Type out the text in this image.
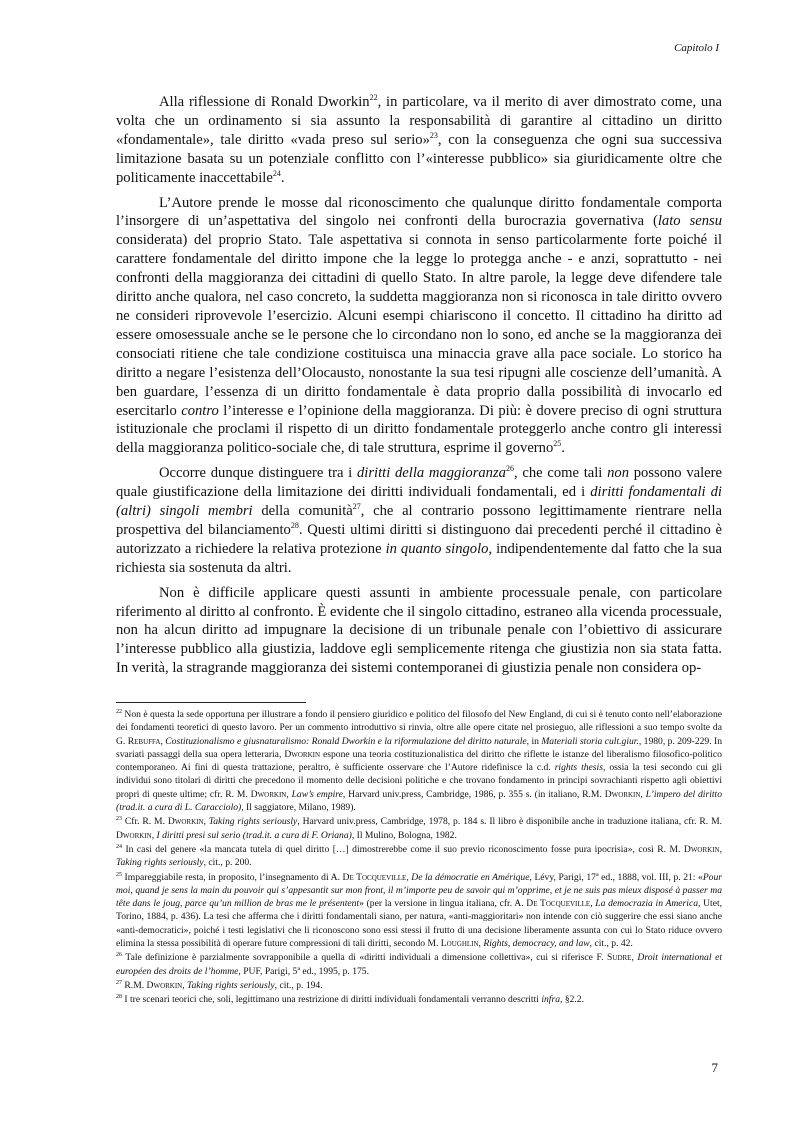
Capitolo I

Alla riflessione di Ronald Dworkin$^{22}$, in particolare, va il merito di aver dimostrato come, una volta che un ordinamento si sia assunto la responsabilità di garantire al cittadino un diritto «fondamentale», tale diritto «vada preso sul serio»$^{23}$, con la conseguenza che ogni sua successiva limitazione basata su un potenziale conflitto con l’«interesse pubblico» sia giuridicamente oltre che politicamente inaccettabile$^{24}$.

L’Autore prende le mosse dal riconoscimento che qualunque diritto fondamentale comporta l’insorgere di un’aspettativa del singolo nei confronti della burocrazia governativa (lato sensu considerata) del proprio Stato. Tale aspettativa si connota in senso particolarmente forte poiché il carattere fondamentale del diritto impone che la legge lo protegga anche - e anzi, soprattutto - nei confronti della maggioranza dei cittadini di quello Stato. In altre parole, la legge deve difendere tale diritto anche qualora, nel caso concreto, la suddetta maggioranza non si riconosca in tale diritto ovvero ne consideri riprovevole l’esercizio. Alcuni esempi chiariscono il concetto. Il cittadino ha diritto ad essere omosessuale anche se le persone che lo circondano non lo sono, ed anche se la maggioranza dei consociati ritiene che tale condizione costituisca una minaccia grave alla pace sociale. Lo storico ha diritto a negare l’esistenza dell’Olocausto, nonostante la sua tesi ripugni alle coscienze dell’umanità. A ben guardare, l’essenza di un diritto fondamentale è data proprio dalla possibilità di invocarlo ed esercitarlo contro l’interesse e l’opinione della maggioranza. Di più: è dovere preciso di ogni struttura istituzionale che proclami il rispetto di un diritto fondamentale proteggerlo anche contro gli interessi della maggioranza politico-sociale che, di tale struttura, esprime il governo$^{25}$.

Occorre dunque distinguere tra i diritti della maggioranza$^{26}$, che come tali non possono valere quale giustificazione della limitazione dei diritti individuali fondamentali, ed i diritti fondamentali di (altri) singoli membri della comunità$^{27}$, che al contrario possono legittimamente rientrare nella prospettiva del bilanciamento$^{28}$. Questi ultimi diritti si distinguono dai precedenti perché il cittadino è autorizzato a richiedere la relativa protezione in quanto singolo, indipendentemente dal fatto che la sua richiesta sia sostenuta da altri.

Non è difficile applicare questi assunti in ambiente processuale penale, con particolare riferimento al diritto al confronto. È evidente che il singolo cittadino, estraneo alla vicenda processuale, non ha alcun diritto ad impugnare la decisione di un tribunale penale con l’obiettivo di assicurare l’interesse pubblico alla giustizia, laddove egli semplicemente ritenga che giustizia non sia stata fatta. In verità, la stragrande maggioranza dei sistemi contemporanei di giustizia penale non considera op-

$^{22}$ Non è questa la sede opportuna per illustrare a fondo il pensiero giuridico e politico del filosofo del New England, di cui si è tenuto conto nell’elaborazione dei fondamenti teoretici di questo lavoro. Per un commento introduttivo si rinvia, oltre alle opere citate nel prosieguo, alle riflessioni a suo tempo svolte da G. Rebuffa, Costituzionalismo e giusnaturalismo: Ronald Dworkin e la riformulazione del diritto naturale, in Materiali storia cult.giur., 1980, p. 209-229. In svariati passaggi della sua opera letteraria, Dworkin espone una teoria costituzionalistica del diritto che riflette le istanze del liberalismo filosofico-politico contemporaneo. Ai fini di questa trattazione, peraltro, è sufficiente osservare che l’Autore ridefinisce la c.d. rights thesis, ossia la tesi secondo cui gli individui sono titolari di diritti che precedono il momento delle decisioni politiche e che trovano fondamento in principi sovrachianti rispetto agli obiettivi propri di queste ultime; cfr. R. M. Dworkin, Law’s empire, Harvard univ.press, Cambridge, 1986, p. 355 s. (in italiano, R.M. Dworkin, L’impero del diritto (trad.it. a cura di L. Caracciolo), Il saggiatore, Milano, 1989).

$^{23}$ Cfr. R. M. Dworkin, Taking rights seriously, Harvard univ.press, Cambridge, 1978, p. 184 s. Il libro è disponibile anche in traduzione italiana, cfr. R. M. Dworkin, I diritti presi sul serio (trad.it. a cura di F. Oriana), Il Mulino, Bologna, 1982.

$^{24}$ In casi del genere «la mancata tutela di quel diritto […] dimostrerebbe come il suo previo riconoscimento fosse pura ipocrisia», così R. M. Dworkin, Taking rights seriously, cit., p. 200.

$^{25}$ Impareggiabile resta, in proposito, l’insegnamento di A. De Tocqueville, De la démocratie en Amérique, Lévy, Parigi, 17ª ed., 1888, vol. III, p. 21: «Pour moi, quand je sens la main du pouvoir qui s’appesantit sur mon front, il m’importe peu de savoir qui m’opprime, et je ne suis pas mieux disposé à passer ma tête dans le joug, parce qu’un million de bras me le présentent» (per la versione in lingua italiana, cfr. A. De Tocqueville, La democrazia in America, Utet, Torino, 1884, p. 436). La tesi che afferma che i diritti fondamentali siano, per natura, «anti-maggioritari» non intende con ciò suggerire che essi siano anche «anti-democratici», poiché i testi legislativi che li riconoscono sono essi stessi il frutto di una decisione liberamente assunta con cui lo Stato riduce ovvero elimina la stessa possibilità di operare future compressioni di tali diritti, secondo M. Loughlin, Rights, democracy, and law, cit., p. 42.

$^{26}$ Tale definizione è parzialmente sovrapponibile a quella di «diritti individuali a dimensione collettiva», cui si riferisce F. Sudre, Droit international et européen des droits de l’homme, PUF, Parigi, 5ª ed., 1995, p. 175.

$^{27}$ R.M. Dworkin, Taking rights seriously, cit., p. 194.

$^{28}$ I tre scenari teorici che, soli, legittimano una restrizione di diritti individuali fondamentali verranno descritti infra, §2.2.

7
